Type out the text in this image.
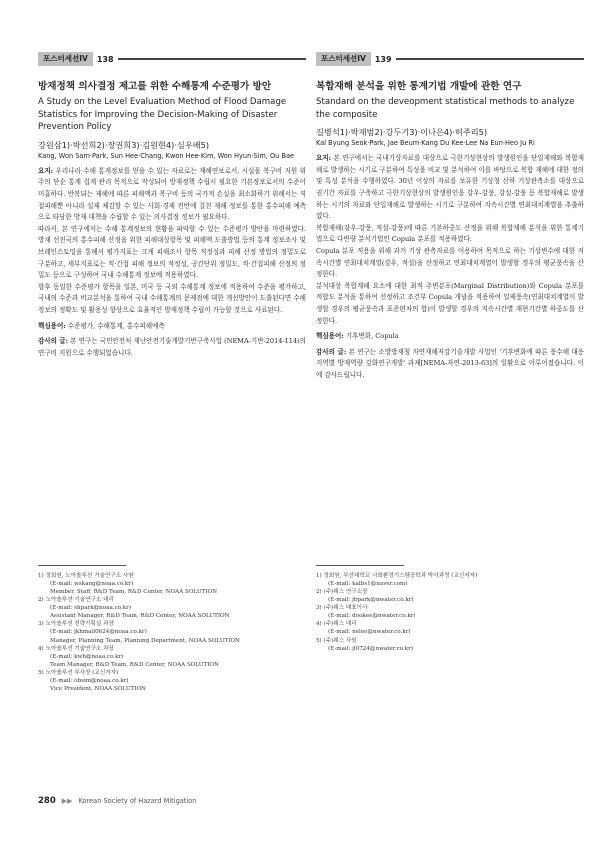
포스터세션IV	138
방재정책 의사결정 제고를 위한 수해통계 수준평가 방안
A Study on the Level Evaluation Method of Flood Damage Statistics for Improving the Decision-Making of Disaster Prevention Policy
강원삼1)·박선희2)·장권희3)·김원현4)·심우배5)
Kang, Won Sam·Park, Sun Hee·Chang, Kwon Hee·Kim, Won Hyun·Sim, Ou Bae

요지: 우리나라 수해 통계정보를 얻을 수 있는 자료로는 재해연보로서, 시설물 복구비 지원 위주의 단순 통계 집계 관리 목적으로 작성되어 방재정책 수립시 필요한 기본정보로서의 수준이 미흡하다. 반복되는 재해에 따른 피해액과 복구비 등의 국가적 손실을 최소화하기 위해서는 직접피해뿐 아니라 실제 체감할 수 있는 사회·경제 전반에 걸친 재해 정보를 통한 홍수피해 예측으로 타당한 방재 대책을 수립할 수 있는 의사결정 정보가 필요하다.

따라서, 본 연구에서는 수해 통계정보의 현황을 파악할 수 있는 수준평가 방안을 마련하였다. 방재 선진국의 홍수피해 산정을 위한 피해대상항목 및 피해액 도출방법 등의 통계 정보조사 및 브레인스토밍을 통해서 평가지표는 크게 피해조사 항목 적정성과 피해 산정 방법의 정밀도로 구분하고, 세부지표로는 직·간접 피해 정보의 적정성, 공간단위 정밀도, 직·간접피해 산정의 정밀도 등으로 구성하여 국내 수해통계 정보에 적용하였다.

향후 동일한 수준평가 항목을 일본, 미국 등 국외 수해통계 정보에 적용하여 수준을 평가하고, 국내의 수준과 비교분석을 통하여 국내 수해통계의 문제점에 대한 개선방안이 도출된다면 수해정보의 정확도 및 활용성 향상으로 효율적인 방재정책 수립이 가능할 것으로 사료된다.

핵심용어: 수준평가, 수해통계, 홍수피해예측

감사의 글: 본 연구는 국민안전처 재난안전기술개발기반구축사업 (NEMA-기반-2014-114)의 연구비 지원으로 수행되었습니다.

1) 정회원, 노아솔루션 기술연구소 사원
(E-mail: wskang@noaa.co.kr)
Member, Staff, R&D Team, R&D Center, NOAA SOLUTION
2) 노아솔루션 기술연구소 대리
(E-mail: shpark@noaa.co.kr)
Assistant Manager, R&D Team, R&D Center, NOAA SOLUTION
3) 노아솔루션 전략기획실 과장
(E-mail: jkhmail0624@noaa.co.kr)
Manager, Planning Team, Planning Department, NOAA SOLUTION
4) 노아솔루션 기술연구소 차장
(E-mail: kwh@noaa.co.kr)
Team Manager, R&D Team, R&D Center, NOAA SOLUTION
5) 노아솔루션 부사장 (교신저자)
(E-mail: obsim@noaa.co.kr)
Vice President, NOAA SOLUTION
포스터세션IV	139
복합재해 분석을 위한 통계기법 개발에 관한 연구
Standard on the deveopment statistical methods to analyze the composite
길병석1)·박재범2)·강두기3)·이나은4)·허주리5)
Kal Byung Seok·Park, Jae Beum·Kang Du Kee·Lee Na Eun·Heo Ju Ri

요지: 본 연구에서는 국내기상자료를 대상으로 극한기상현상의 발생원인을 단일재해와 복합재해로 발생하는 시기로 구분하여 특성을 비교 및 분석하여 이를 바탕으로 복합 재해에 대한 정의 및 특성 분석을 수행하였다. 30년 이상의 자료를 보유한 기상청 산하 기상관측소를 대상으로 권기간 자료를 구축하고 극한기상현상의 발생원인을 강우-강풍, 강설-강풍 등 복합재해로 발생하는 시기의 자료와 단일재해로 발생하는 시기로 구분하여 지속시간별 연최대치계열을 추출하였다.

복합재해(강우-강풍, 적설-강풍)에 따른 기본하중도 산정을 위해 복합재해 분석을 위한 통계기법으로 다변량 분석기법인 Copula 분포를 적용하였다.

Copula 분포 적용을 위해 과거 기상 관측자료를 이용하여 목적으로 하는 기상변수에 대한 지속시간별 연최대치계열(강우, 적설)을 산정하고 연최대치계열이 발생할 경우의 평균풍속을 산정한다.

분석대상 복합재해 요소에 대한 최적 주변분포(Marginal Distribution)와 Copula 분포를 적합도 분석을 통하여 선정하고 조건부 Copula 개념을 적용하여 일제풍속(연최대치계열이 발생할 경우의 평균풍속과 표준편차의 합)이 발생할 경우의 지속시간별 재현기간별 하중도를 산정한다.

핵심용어: 기후변화, Copula

감사의 글: 본 연구는 소방방재청 자연재해저감기술개발 사업인 '기후변화에 따른 풍수해 대응 지역별 방재역량 강화연구개발' 과제[NEMA-자연-2013-63]의 일환으로 이루어졌습니다. 이에 감사드립니다.

1) 정회원, 부산대학교 사회환경기스템공학과 박사과정 (교신저자)
(E-mail: kalbs1@naver.com)
2) (주)웨스 연구소장
(E-mail: jbpark@nwater.co.kr)
3) (주)웨스 대표이사
(E-mail: dookee@nwater.co.kr)
4) (주)웨스 대리
(E-mail: nelee@nwater.co.kr)
5) (주)웨스 사원
(E-mail: jl0724@nwater.co.kr)
280 ▶▶ Korean Society of Hazard Mitigation
